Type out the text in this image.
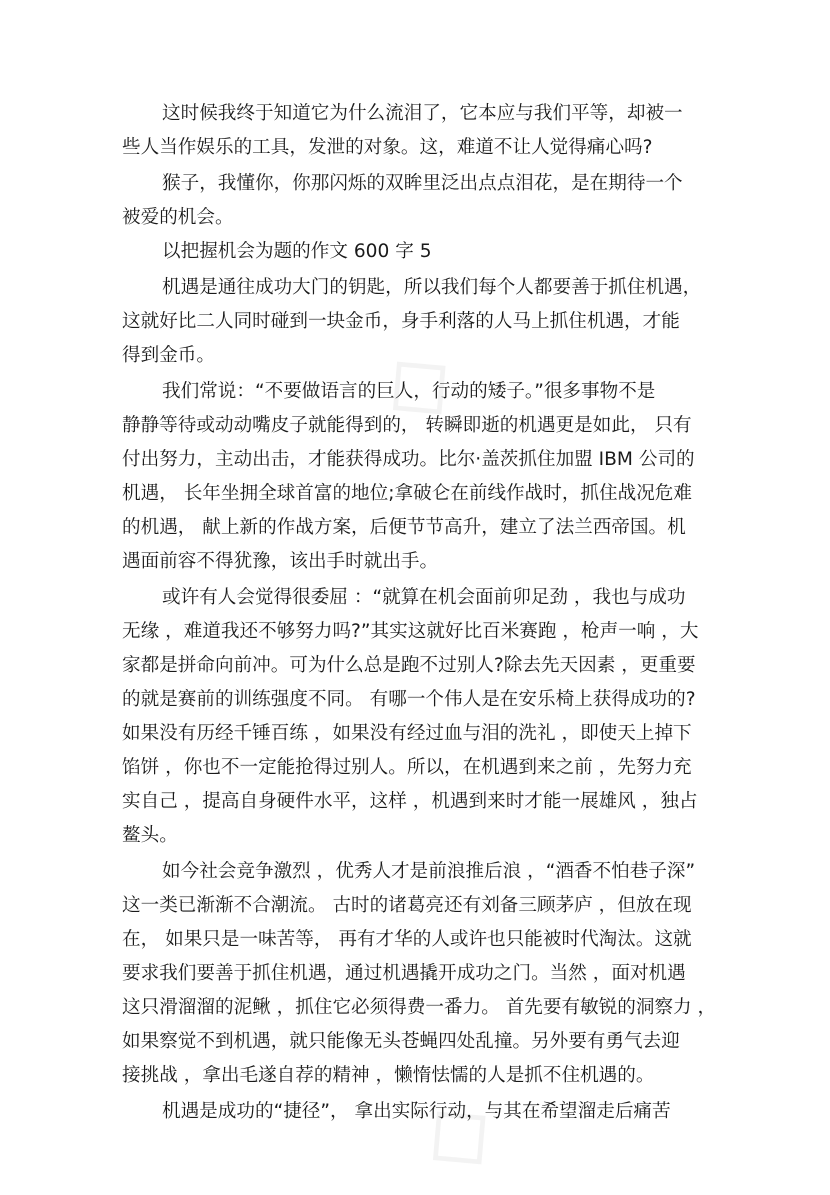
◇
◇
这时候我终于知道它为什么流泪了，它本应与我们平等，却被一
些人当作娱乐的工具，发泄的对象。这，难道不让人觉得痛心吗?
猴子，我懂你，你那闪烁的双眸里泛出点点泪花，是在期待一个
被爱的机会。
以把握机会为题的作文 600 字 5
机遇是通往成功大门的钥匙，所以我们每个人都要善于抓住机遇，
这就好比二人同时碰到一块金币，身手利落的人马上抓住机遇，才能
得到金币。
我们常说：“不要做语言的巨人，行动的矮子。”很多事物不是
静静等待或动动嘴皮子就能得到的， 转瞬即逝的机遇更是如此， 只有
付出努力，主动出击，才能获得成功。比尔·盖茨抓住加盟 IBM 公司的
机遇， 长年坐拥全球首富的地位;拿破仑在前线作战时，抓住战况危难
的机遇， 献上新的作战方案，后便节节高升，建立了法兰西帝国。机
遇面前容不得犹豫，该出手时就出手。
或许有人会觉得很委屈 ：“就算在机会面前卯足劲 ，我也与成功
无缘 ，难道我还不够努力吗?”其实这就好比百米赛跑 ，枪声一响 ，大
家都是拼命向前冲。可为什么总是跑不过别人?除去先天因素 ，更重要
的就是赛前的训练强度不同。 有哪一个伟人是在安乐椅上获得成功的?
如果没有历经千锤百练 ，如果没有经过血与泪的洗礼 ，即使天上掉下
馅饼 ，你也不一定能抢得过别人。所以，在机遇到来之前 ，先努力充
实自己 ，提高自身硬件水平，这样 ，机遇到来时才能一展雄风 ，独占
鳌头。
如今社会竞争激烈 ，优秀人才是前浪推后浪 ，“酒香不怕巷子深”
这一类已渐渐不合潮流。 古时的诸葛亮还有刘备三顾茅庐 ，但放在现
在， 如果只是一味苦等， 再有才华的人或许也只能被时代淘汰。这就
要求我们要善于抓住机遇，通过机遇撬开成功之门。当然 ，面对机遇
这只滑溜溜的泥鳅 ，抓住它必须得费一番力。 首先要有敏锐的洞察力 ，
如果察觉不到机遇，就只能像无头苍蝇四处乱撞。另外要有勇气去迎
接挑战 ，拿出毛遂自荐的精神 ，懒惰怯懦的人是抓不住机遇的。
机遇是成功的“捷径”， 拿出实际行动，与其在希望溜走后痛苦
